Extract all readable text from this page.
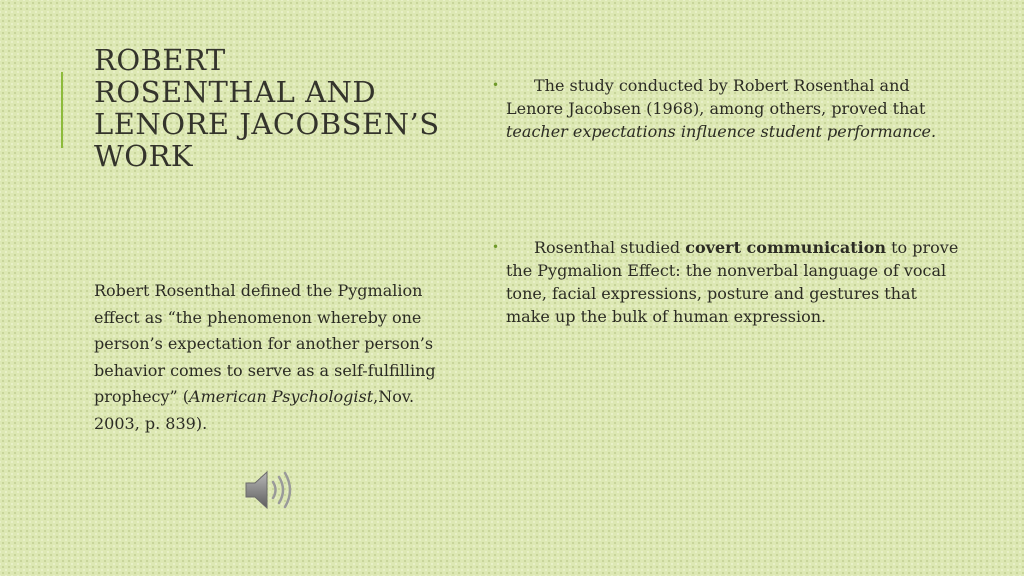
ROBERT
ROSENTHAL AND
LENORE JACOBSEN’S
WORK
Robert Rosenthal defined the Pygmalion effect as “the phenomenon whereby one person’s expectation for another person’s behavior comes to serve as a self-fulfilling prophecy” (American Psychologist,Nov. 2003, p. 839).
•	The study conducted by Robert Rosenthal and Lenore Jacobsen (1968), among others, proved that teacher expectations influence student performance.
•	Rosenthal studied covert communication to prove the Pygmalion Effect: the nonverbal language of vocal tone, facial expressions, posture and gestures that make up the bulk of human expression.
